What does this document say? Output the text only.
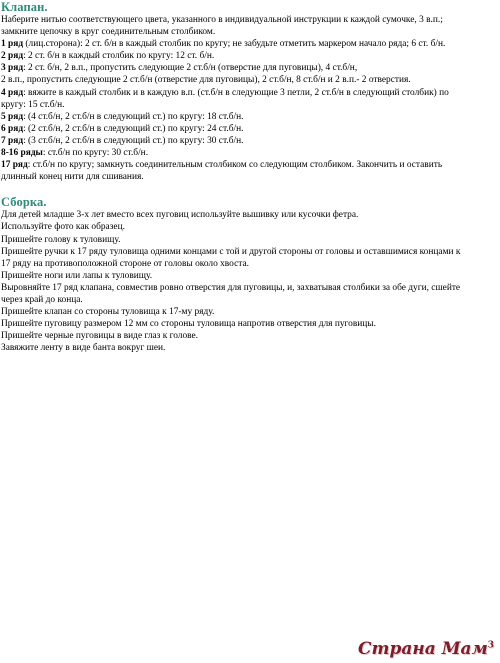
Клапан.
Наберите нитью соответствующего цвета, указанного в индивидуальной инструкции к каждой сумочке, 3 в.п.;
замкните цепочку в круг соединительным столбиком.
1 ряд (лиц.сторона): 2 ст. б/н в каждый столбик по кругу; не забудьте отметить маркером начало ряда; 6 ст. б/н.
2 ряд: 2 ст. б/н в каждый столбик по кругу: 12 ст. б/н.
3 ряд: 2 ст. б/н, 2 в.п., пропустить следующие 2 ст.б/н (отверстие для пуговицы), 4 ст.б/н,
2 в.п., пропустить следующие 2 ст.б/н (отверстие для пуговицы), 2 ст.б/н, 8 ст.б/н и 2 в.п.- 2 отверстия.
4 ряд: вяжите в каждый столбик и в каждую в.п. (ст.б/н в следующие 3 петли, 2 ст.б/н в следующий столбик) по
кругу: 15 ст.б/н.
5 ряд: (4 ст.б/н, 2 ст.б/н в следующий ст.) по кругу: 18 ст.б/н.
6 ряд: (2 ст.б/н, 2 ст.б/н в следующий ст.) по кругу: 24 ст.б/н.
7 ряд: (3 ст.б/н, 2 ст.б/н в следующий ст.) по кругу: 30 ст.б/н.
8-16 ряды: ст.б/н по кругу: 30 ст.б/н.
17 ряд: ст.б/н по кругу; замкнуть соединительным столбиком со следующим столбиком. Закончить и оставить
длинный конец нити для сшивания.
Сборка.
Для детей младше 3-х лет вместо всех пуговиц используйте вышивку или кусочки фетра.
Используйте фото как образец.
Пришейте голову к туловищу.
Пришейте ручки к 17 ряду туловища одними концами с той и другой стороны от головы и оставшимися концами к
17 ряду на противоположной стороне от головы около хвоста.
Пришейте ноги или лапы к туловищу.
Выровняйте 17 ряд клапана, совместив ровно отверстия для пуговицы, и, захватывая столбики за обе дуги, сшейте
через край до конца.
Пришейте клапан со стороны туловища к 17-му ряду.
Пришейте пуговицу размером 12 мм со стороны туловища напротив отверстия для пуговицы.
Пришейте черные пуговицы в виде глаз к голове.
Завяжите ленту в виде банта вокруг шеи.
Страна Мам$^3$
